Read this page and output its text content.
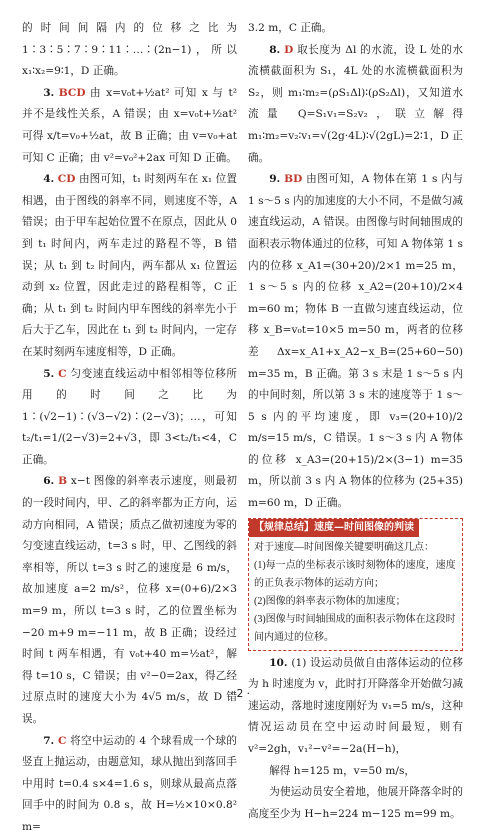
的时间间隔内的位移之比为 1∶3∶5∶7∶9∶11∶…∶(2n−1)，所以 x₁∶x₂=9∶1，D 正确。

3. BCD 由 x=v₀t+½at² 可知 x 与 t² 并不是线性关系，A 错误；由 x=v₀t+½at² 可得 x/t=v₀+½at，故 B 正确；由 v=v₀+at 可知 C 正确；由 v²=v₀²+2ax 可知 D 正确。

4. CD 由图可知，t₁ 时刻两车在 x₁ 位置相遇，由于图线的斜率不同，则速度不等，A 错误；由于甲车起始位置不在原点，因此从 0 到 t₁ 时间内，两车走过的路程不等，B 错误；从 t₁ 到 t₂ 时间内，两车都从 x₁ 位置运动到 x₂ 位置，因此走过的路程相等，C 正确；从 t₁ 到 t₂ 时间内甲车图线的斜率先小于后大于乙车，因此在 t₁ 到 t₂ 时间内，一定存在某时刻两车速度相等，D 正确。

5. C 匀变速直线运动中相邻相等位移所用的时间之比为 1∶(√2−1)∶(√3−√2)∶(2−√3)；…，可知 t₂/t₁=1/(2−√3)=2+√3，即 3<t₂/t₁<4，C 正确。

6. B x−t 图像的斜率表示速度，则最初的一段时间内，甲、乙的斜率都为正方向，运动方向相同，A 错误；质点乙做初速度为零的匀变速直线运动，t=3 s 时，甲、乙图线的斜率相等，所以 t=3 s 时乙的速度是 6 m/s，故加速度 a=2 m/s²，位移 x=(0+6)/2×3 m=9 m，所以 t=3 s 时，乙的位置坐标为−20 m+9 m=−11 m，故 B 正确；设经过时间 t 两车相遇，有 v₀t+40 m=½at²，解得 t=10 s，C 错误；由 v²−0=2ax，得乙经过原点时的速度大小为 4√5 m/s，故 D 错误。

7. C 将空中运动的 4 个球看成一个球的竖直上抛运动，由题意知，球从抛出到落回手中用时 t=0.4 s×4=1.6 s，则球从最高点落回手中的时间为 0.8 s，故 H=½×10×0.8² m=

3.2 m，C 正确。

8. D 取长度为 Δl 的水流，设 L 处的水流横截面积为 S₁，4L 处的水流横截面积为 S₂，则 m₁∶m₂=(ρS₁Δl)∶(ρS₂Δl)，又知道水流量 Q=S₁v₁=S₂v₂，联立解得 m₁∶m₂=v₂∶v₁=√(2g·4L)∶√(2gL)=2∶1，D 正确。

9. BD 由图可知，A 物体在第 1 s 内与 1 s～5 s 内的加速度的大小不同，不是做匀减速直线运动，A 错误。由图像与时间轴围成的面积表示物体通过的位移，可知 A 物体第 1 s 内的位移 x_A1=(30+20)/2×1 m=25 m，1 s～5 s 内的位移 x_A2=(20+10)/2×4 m=60 m；物体 B 一直做匀速直线运动，位移 x_B=v₀t=10×5 m=50 m，两者的位移差 Δx=x_A1+x_A2−x_B=(25+60−50) m=35 m，B 正确。第 3 s 末是 1 s～5 s 内的中间时刻，所以第 3 s 末的速度等于 1 s～5 s 内的平均速度，即 v₃=(20+10)/2 m/s=15 m/s，C 错误。1 s～3 s 内 A 物体的位移 x_A3=(20+15)/2×(3−1) m=35 m，所以前 3 s 内 A 物体的位移为 (25+35) m=60 m，D 正确。

【规律总结】速度—时间图像的判读
对于速度—时间图像关键要明确这几点：
(1)每一点的坐标表示该时刻物体的速度，速度的正负表示物体的运动方向；
(2)图像的斜率表示物体的加速度；
(3)图像与时间轴围成的面积表示物体在这段时间内通过的位移。

10. (1) 设运动员做自由落体运动的位移为 h 时速度为 v，此时打开降落伞开始做匀减速运动，落地时速度刚好为 v₁=5 m/s，这种情况运动员在空中运动时间最短，则有 v²=2gh，v₁²−v²=−2a(H−h)，

解得 h=125 m，v=50 m/s，

为使运动员安全着地，他展开降落伞时的高度至少为 H−h=224 m−125 m=99 m。

· 2 ·
